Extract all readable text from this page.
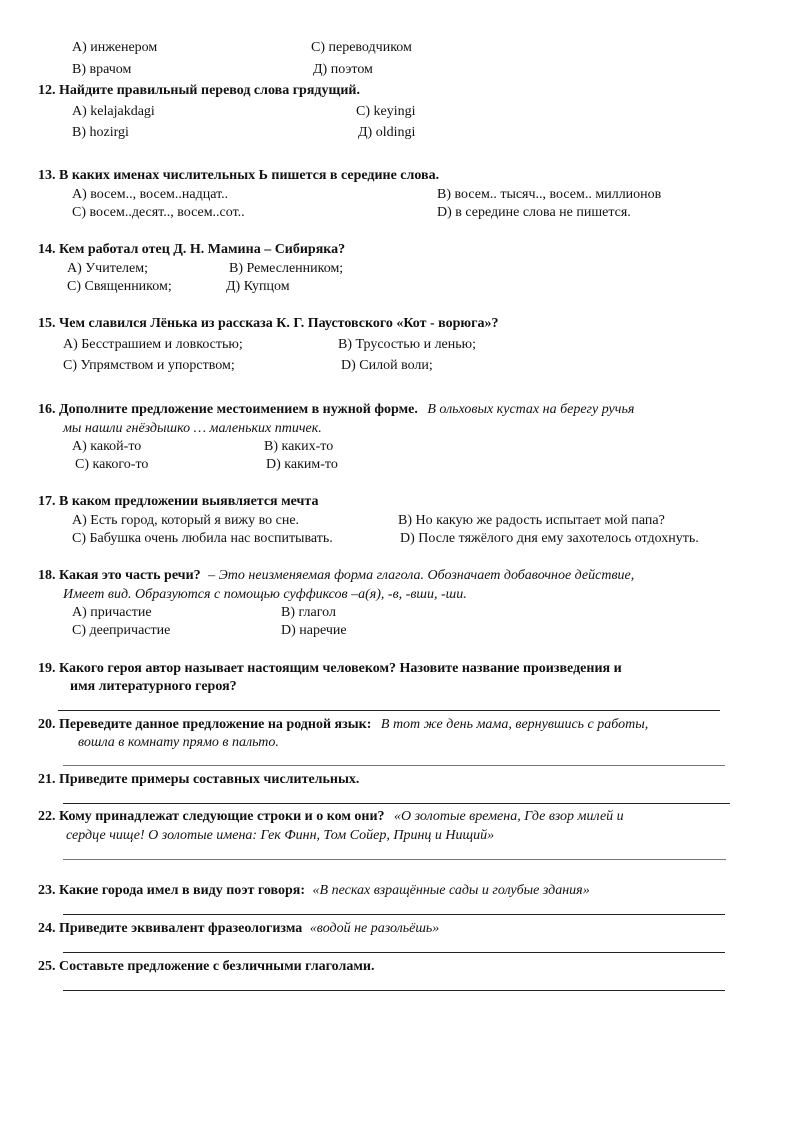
А) инженером	С) переводчиком
В) врачом	Д) поэтом
12. Найдите правильный перевод слова грядущий.
А) kelajakdagi	С) keyingi
В) hozirgi	Д) oldingi
13. В каких именах числительных Ь пишется в середине слова.
А) восем.., восем..надцат..	В) восем.. тысяч.., восем.. миллионов
С) восем..десят.., восем..сот..	D) в середине слова не пишется.
14. Кем работал отец Д. Н. Мамина – Сибиряка?
А) Учителем;	В) Ремесленником;
С) Священником;	Д) Купцом
15. Чем славился Лёнька из рассказа К. Г. Паустовского «Кот - ворюга»?
А) Бесстрашием и ловкостью;	В) Трусостью и ленью;
С) Упрямством и упорством;	D) Силой воли;
16. Дополните предложение местоимением в нужной форме. В ольховых кустах на берегу ручья
мы нашли гнёздышко … маленьких птичек.
А) какой-то	В) каких-то
С) какого-то	D) каким-то
17. В каком предложении выявляется мечта
А) Есть город, который я вижу во сне.	В) Но какую же радость испытает мой папа?
С) Бабушка очень любила нас воспитывать.	D) После тяжёлого дня ему захотелось отдохнуть.
18. Какая это часть речи? – Это неизменяемая форма глагола. Обозначает добавочное действие,
Имеет вид. Образуются с помощью суффиксов –а(я), -в, -вши, -ши.
А) причастие	В) глагол
С) деепричастие	D) наречие
19. Какого героя автор называет настоящим человеком? Назовите название произведения и
имя литературного героя?
20. Переведите данное предложение на родной язык: В тот же день мама, вернувшись с работы,
вошла в комнату прямо в пальто.
21. Приведите примеры составных числительных.
22. Кому принадлежат следующие строки и о ком они? «О золотые времена, Где взор милей и
сердце чище! О золотые имена: Гек Финн, Том Сойер, Принц и Нищий»
23. Какие города имел в виду поэт говоря: «В песках взращённые сады и голубые здания»
24. Приведите эквивалент фразеологизма «водой не разольёшь»
25. Составьте предложение с безличными глаголами.
